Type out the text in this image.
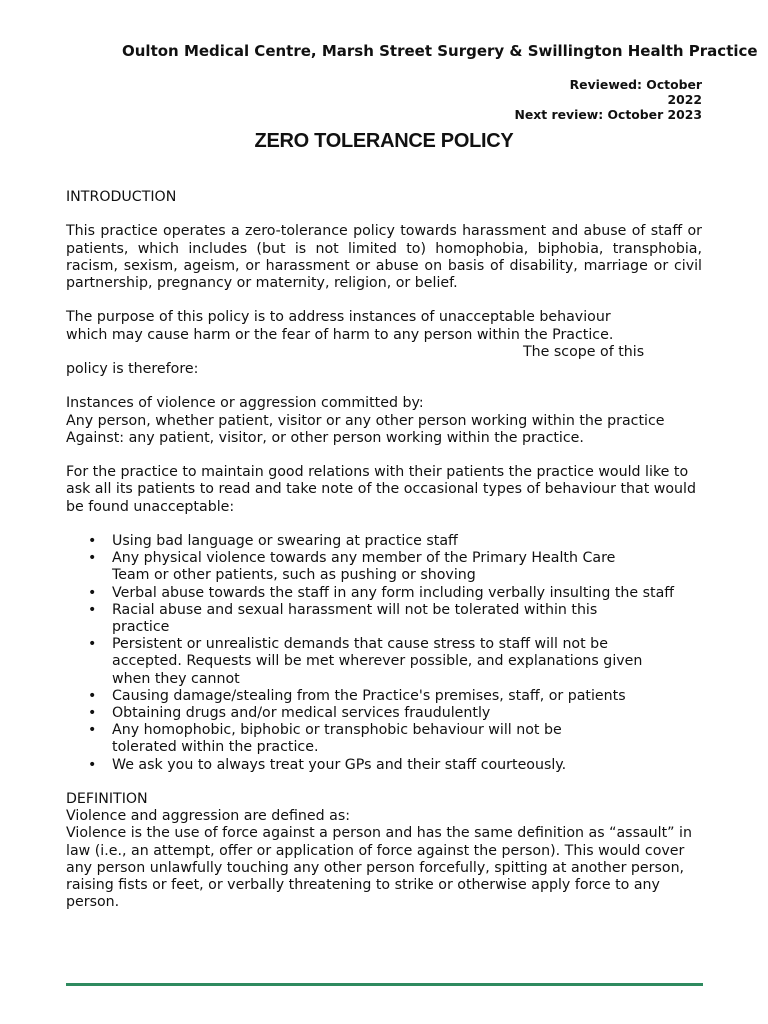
Oulton Medical Centre, Marsh Street Surgery & Swillington Health Practice
Reviewed: October
2022
Next review: October 2023
ZERO TOLERANCE POLICY

INTRODUCTION

This practice operates a zero-tolerance policy towards harassment and abuse of staff or patients, which includes (but is not limited to) homophobia, biphobia, transphobia, racism, sexism, ageism, or harassment or abuse on basis of disability, marriage or civil partnership, pregnancy or maternity, religion, or belief.

The purpose of this policy is to address instances of unacceptable behaviour

which may cause harm or the fear of harm to any person within the Practice.

The scope of this

policy is therefore:

Instances of violence or aggression committed by:

Any person, whether patient, visitor or any other person working within the practice Against: any patient, visitor, or other person working within the practice.

For the practice to maintain good relations with their patients the practice would like to ask all its patients to read and take note of the occasional types of behaviour that would be found unacceptable:

• Using bad language or swearing at practice staff
• Any physical violence towards any member of the Primary Health Care Team or other patients, such as pushing or shoving
• Verbal abuse towards the staff in any form including verbally insulting the staff
• Racial abuse and sexual harassment will not be tolerated within this practice
• Persistent or unrealistic demands that cause stress to staff will not be accepted. Requests will be met wherever possible, and explanations given when they cannot
• Causing damage/stealing from the Practice's premises, staff, or patients
• Obtaining drugs and/or medical services fraudulently
• Any homophobic, biphobic or transphobic behaviour will not be tolerated within the practice.
• We ask you to always treat your GPs and their staff courteously.

DEFINITION

Violence and aggression are defined as:

Violence is the use of force against a person and has the same definition as “assault” in law (i.e., an attempt, offer or application of force against the person). This would cover any person unlawfully touching any other person forcefully, spitting at another person, raising fists or feet, or verbally threatening to strike or otherwise apply force to any person.
